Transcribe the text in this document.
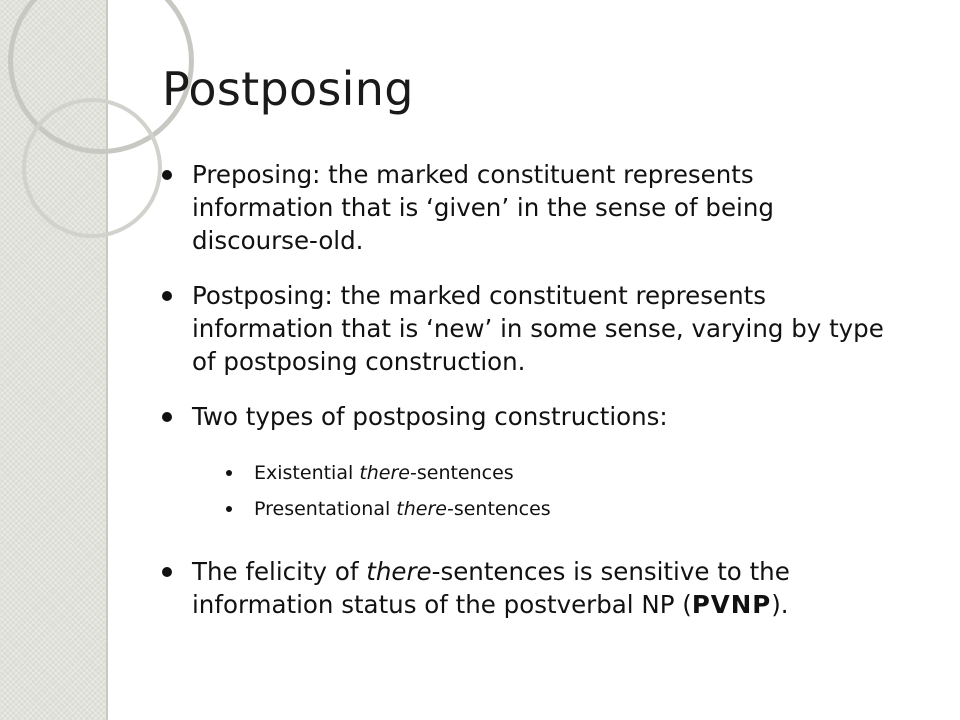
Postposing
Preposing: the marked constituent represents information that is ‘given’ in the sense of being discourse-old.
Postposing: the marked constituent represents information that is ‘new’ in some sense, varying by type of postposing construction.
Two types of postposing constructions:
Existential there-sentences
Presentational there-sentences
The felicity of there-sentences is sensitive to the information status of the postverbal NP (PVNP).
